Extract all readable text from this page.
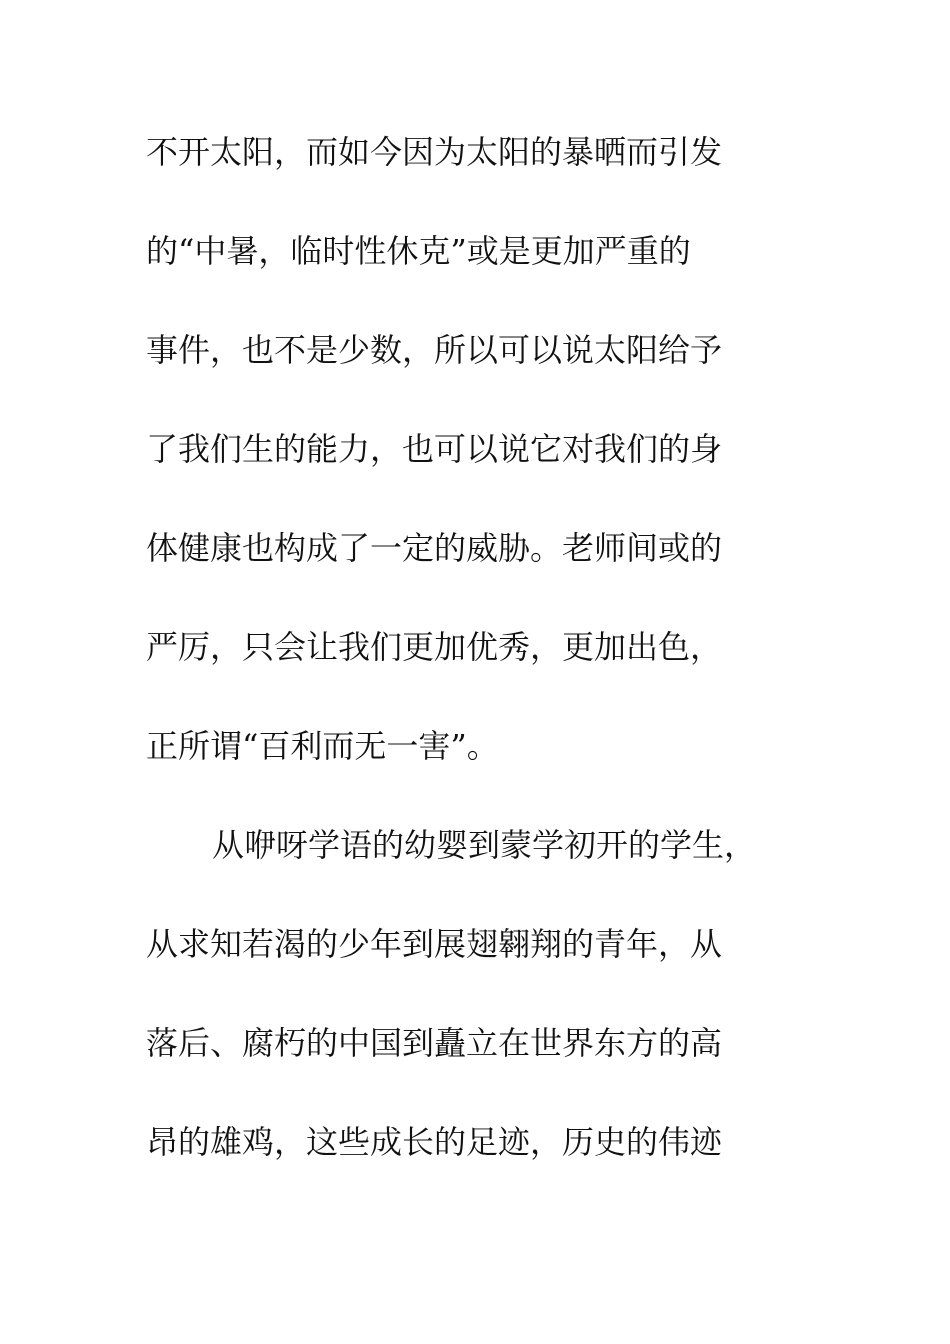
不开太阳，而如今因为太阳的暴晒而引发
的“中暑，临时性休克”或是更加严重的
事件，也不是少数，所以可以说太阳给予
了我们生的能力，也可以说它对我们的身
体健康也构成了一定的威胁。老师间或的
严厉，只会让我们更加优秀，更加出色，
正所谓“百利而无一害”。
从咿呀学语的幼婴到蒙学初开的学生，
从求知若渴的少年到展翅翱翔的青年，从
落后、腐朽的中国到矗立在世界东方的高
昂的雄鸡，这些成长的足迹，历史的伟迹
